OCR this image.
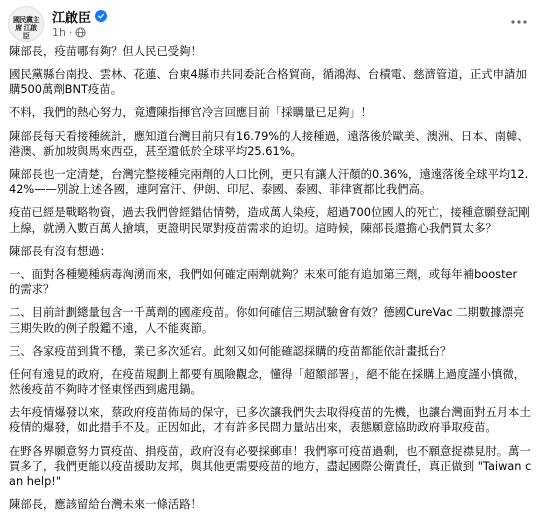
國民黨主席 江啟臣
江啟臣
1h ·

陳部長，疫苗哪有夠？但人民已受夠！

國民黨縣台南投、雲林、花蓮、台東4縣市共同委託合格貿商，循鴻海、台積電、慈濟管道，正式申請加購500萬劑BNT疫苗。

不料，我們的熱心努力，竟遭陳指揮官冷言回應目前「採購量已足夠」！

陳部長每天看接種統計，應知道台灣目前只有16.79%的人接種過，遠落後於歐美、澳洲、日本、南韓、港澳、新加坡與馬來西亞，甚至還低於全球平均25.61%。

陳部長也一定清楚，台灣完整接種完兩劑的人口比例，更只有讓人汗顏的0.36%，遠遠落後全球平均12.42%——別說上述各國，連阿富汗、伊朗、印尼、泰國、泰國、菲律賓都比我們高。

疫苗已經是戰略物資，過去我們曾經錯估情勢，造成萬人染疫，超過700位國人的死亡，接種意願登記剛上線，就湧入數百萬人搶填，更證明民眾對疫苗需求的迫切。這時候，陳部長還擔心我們買太多？

陳部長有沒有想過：

一、面對各種變種病毒洶湧而來，我們如何確定兩劑就夠？未來可能有追加第三劑，或每年補booster 的需求？

二、目前計劃總量包含一千萬劑的國產疫苗。你如何確信三期試驗會有效？德國CureVac 二期數據漂亮三期失敗的例子殷鑑不遠，人不能爽節。

三、各家疫苗到貨不穩，業已多次延宕。此刻又如何能確認採購的疫苗都能依計畫抵台？

任何有遠見的政府，在疫苗規劃上都要有風險觀念，懂得「超額部署」，絕不能在採購上過度謹小慎微，然後疫苗不夠時才怪東怪西到處甩鍋。

去年疫情爆發以來，蔡政府疫苗佈局的保守，已多次讓我們失去取得疫苗的先機，也讓台灣面對五月本土疫情的爆發，如此措手不及。正因如此，才有許多民間力量站出來，表態願意協助政府爭取疫苗。

在野各界願意努力買疫苗、捐疫苗，政府沒有必要採郵車！我們寧可疫苗過剩，也不願意捉襟見肘。萬一買多了，我們更能以疫苗援助友邦，與其他更需要疫苗的地方，盡起國際公衛責任，真正做到 "Taiwan can help!"

陳部長，應該留給台灣未來一條活路！
